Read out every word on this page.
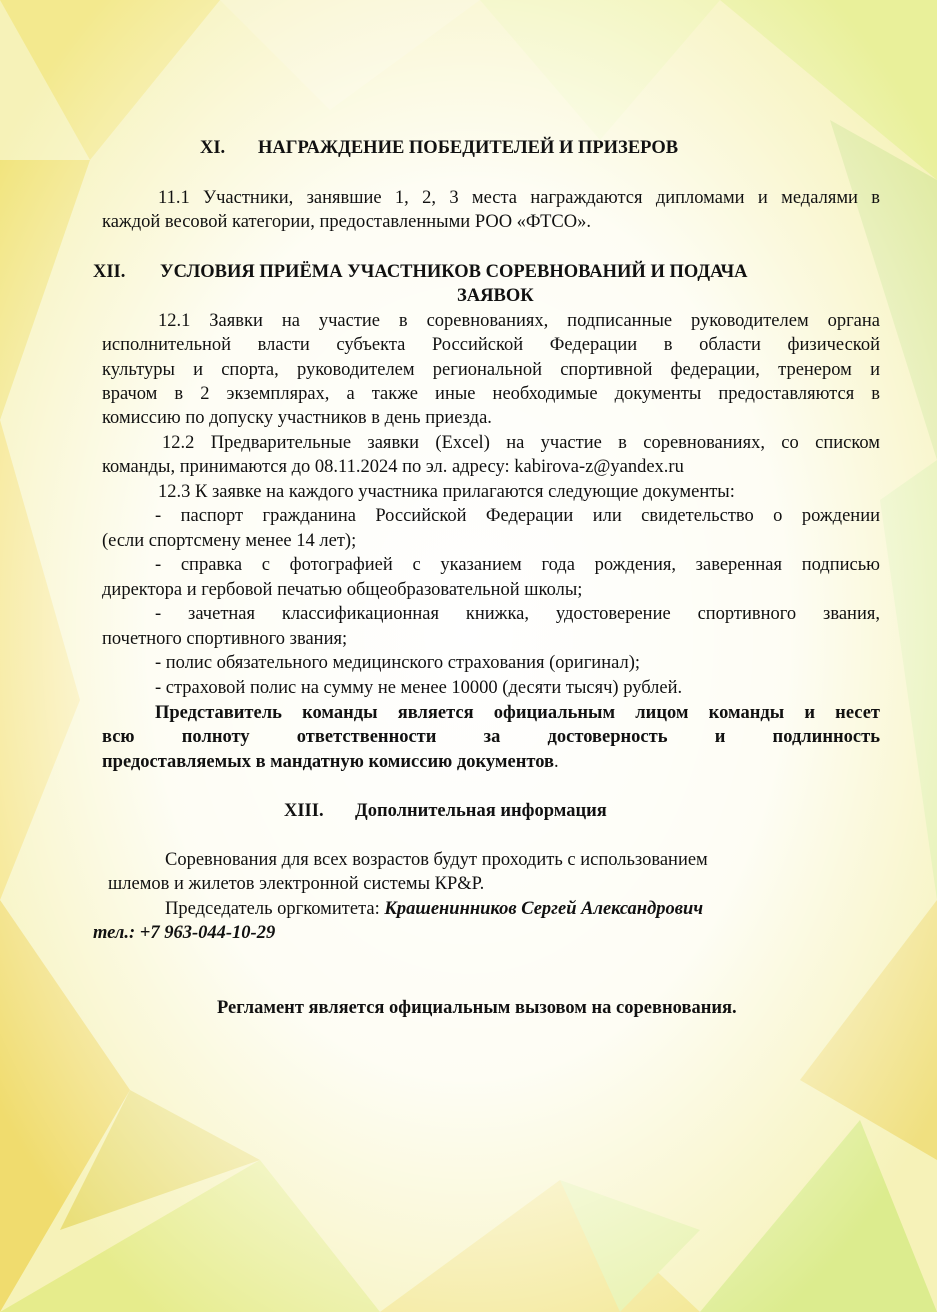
XI. НАГРАЖДЕНИЕ ПОБЕДИТЕЛЕЙ И ПРИЗЕРОВ
11.1 Участники, занявшие 1, 2, 3 места награждаются дипломами и медалями в
каждой весовой категории, предоставленными РОО «ФТСО».
XII. УСЛОВИЯ ПРИЁМА УЧАСТНИКОВ СОРЕВНОВАНИЙ И ПОДАЧА
ЗАЯВОК
12.1 Заявки на участие в соревнованиях, подписанные руководителем органа
исполнительной власти субъекта Российской Федерации в области физической
культуры и спорта, руководителем региональной спортивной федерации, тренером и
врачом в 2 экземплярах, а также иные необходимые документы предоставляются в
комиссию по допуску участников в день приезда.
12.2 Предварительные заявки (Excel) на участие в соревнованиях, со списком
команды, принимаются до 08.11.2024 по эл. адресу: kabirova-z@yandex.ru
12.3 К заявке на каждого участника прилагаются следующие документы:
- паспорт гражданина Российской Федерации или свидетельство о рождении
(если спортсмену менее 14 лет);
- справка с фотографией с указанием года рождения, заверенная подписью
директора и гербовой печатью общеобразовательной школы;
- зачетная классификационная книжка, удостоверение спортивного звания,
почетного спортивного звания;
- полис обязательного медицинского страхования (оригинал);
- страховой полис на сумму не менее 10000 (десяти тысяч) рублей.
Представитель команды является официальным лицом команды и несет
всю полноту ответственности за достоверность и подлинность
предоставляемых в мандатную комиссию документов.
XIII. Дополнительная информация
Соревнования для всех возрастов будут проходить с использованием
шлемов и жилетов электронной системы КР&Р.
Председатель оргкомитета: Крашенинников Сергей Александрович
тел.: +7 963-044-10-29
Регламент является официальным вызовом на соревнования.
